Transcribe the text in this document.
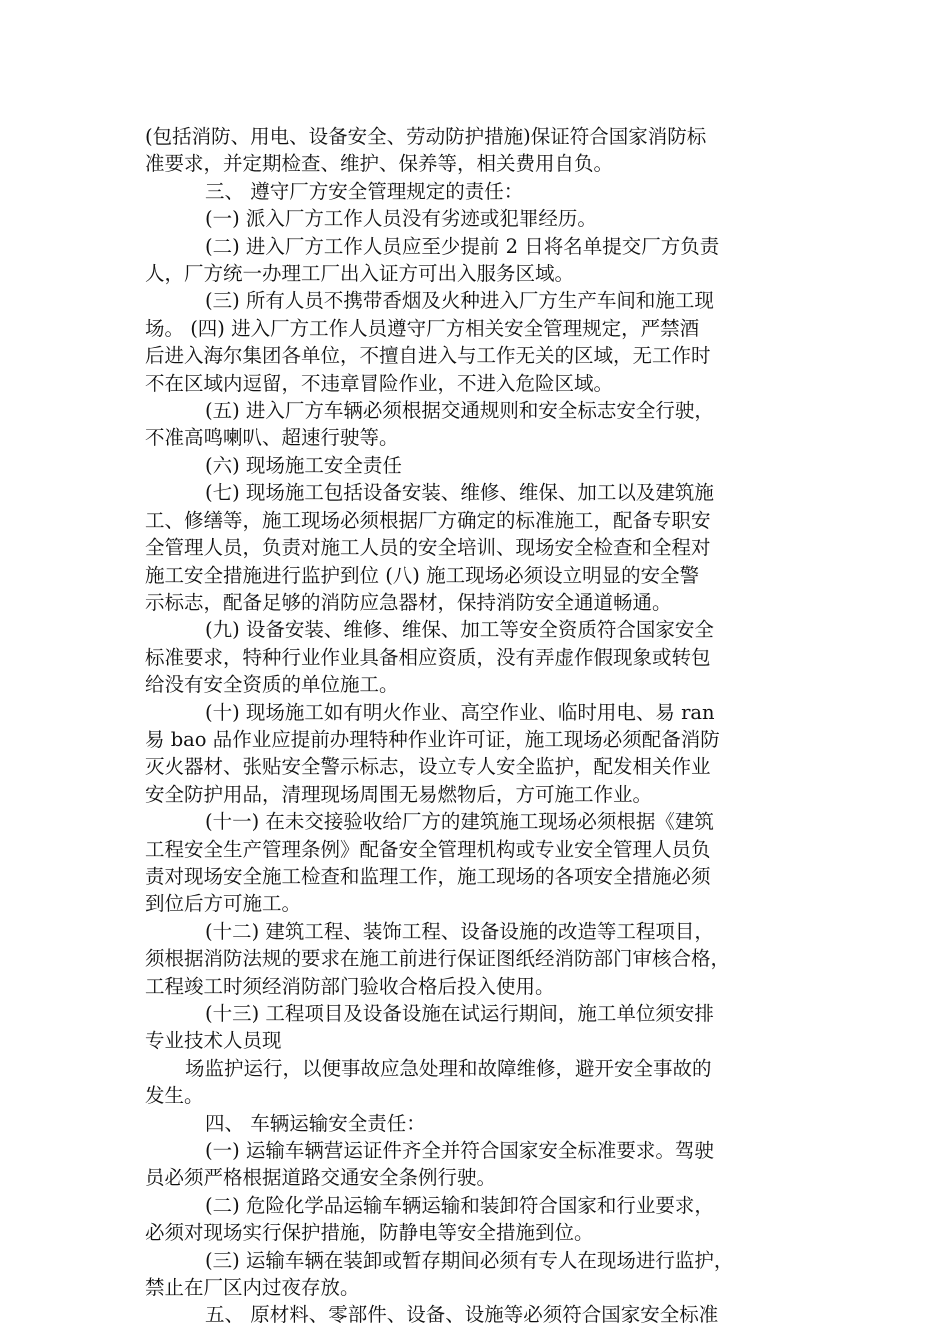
(包括消防、用电、设备安全、劳动防护措施)保证符合国家消防标
准要求，并定期检查、维护、保养等，相关费用自负。
三、 遵守厂方安全管理规定的责任：
(一) 派入厂方工作人员没有劣迹或犯罪经历。
(二) 进入厂方工作人员应至少提前 2 日将名单提交厂方负责
人，厂方统一办理工厂出入证方可出入服务区域。
(三) 所有人员不携带香烟及火种进入厂方生产车间和施工现
场。 (四) 进入厂方工作人员遵守厂方相关安全管理规定，严禁酒
后进入海尔集团各单位，不擅自进入与工作无关的区域，无工作时
不在区域内逗留，不违章冒险作业，不进入危险区域。
(五) 进入厂方车辆必须根据交通规则和安全标志安全行驶，
不准高鸣喇叭、超速行驶等。
(六) 现场施工安全责任
(七) 现场施工包括设备安装、维修、维保、加工以及建筑施
工、修缮等，施工现场必须根据厂方确定的标准施工，配备专职安
全管理人员，负责对施工人员的安全培训、现场安全检查和全程对
施工安全措施进行监护到位 (八) 施工现场必须设立明显的安全警
示标志，配备足够的消防应急器材，保持消防安全通道畅通。
(九) 设备安装、维修、维保、加工等安全资质符合国家安全
标准要求，特种行业作业具备相应资质，没有弄虚作假现象或转包
给没有安全资质的单位施工。
(十) 现场施工如有明火作业、高空作业、临时用电、易 ran
易 bao 品作业应提前办理特种作业许可证，施工现场必须配备消防
灭火器材、张贴安全警示标志，设立专人安全监护，配发相关作业
安全防护用品，清理现场周围无易燃物后，方可施工作业。
(十一) 在未交接验收给厂方的建筑施工现场必须根据《建筑
工程安全生产管理条例》配备安全管理机构或专业安全管理人员负
责对现场安全施工检查和监理工作，施工现场的各项安全措施必须
到位后方可施工。
(十二) 建筑工程、装饰工程、设备设施的改造等工程项目，
须根据消防法规的要求在施工前进行保证图纸经消防部门审核合格，
工程竣工时须经消防部门验收合格后投入使用。
(十三) 工程项目及设备设施在试运行期间，施工单位须安排
专业技术人员现
场监护运行，以便事故应急处理和故障维修，避开安全事故的
发生。
四、 车辆运输安全责任：
(一) 运输车辆营运证件齐全并符合国家安全标准要求。驾驶
员必须严格根据道路交通安全条例行驶。
(二) 危险化学品运输车辆运输和装卸符合国家和行业要求，
必须对现场实行保护措施，防静电等安全措施到位。
(三) 运输车辆在装卸或暂存期间必须有专人在现场进行监护，
禁止在厂区内过夜存放。
五、 原材料、零部件、设备、设施等必须符合国家安全标准
